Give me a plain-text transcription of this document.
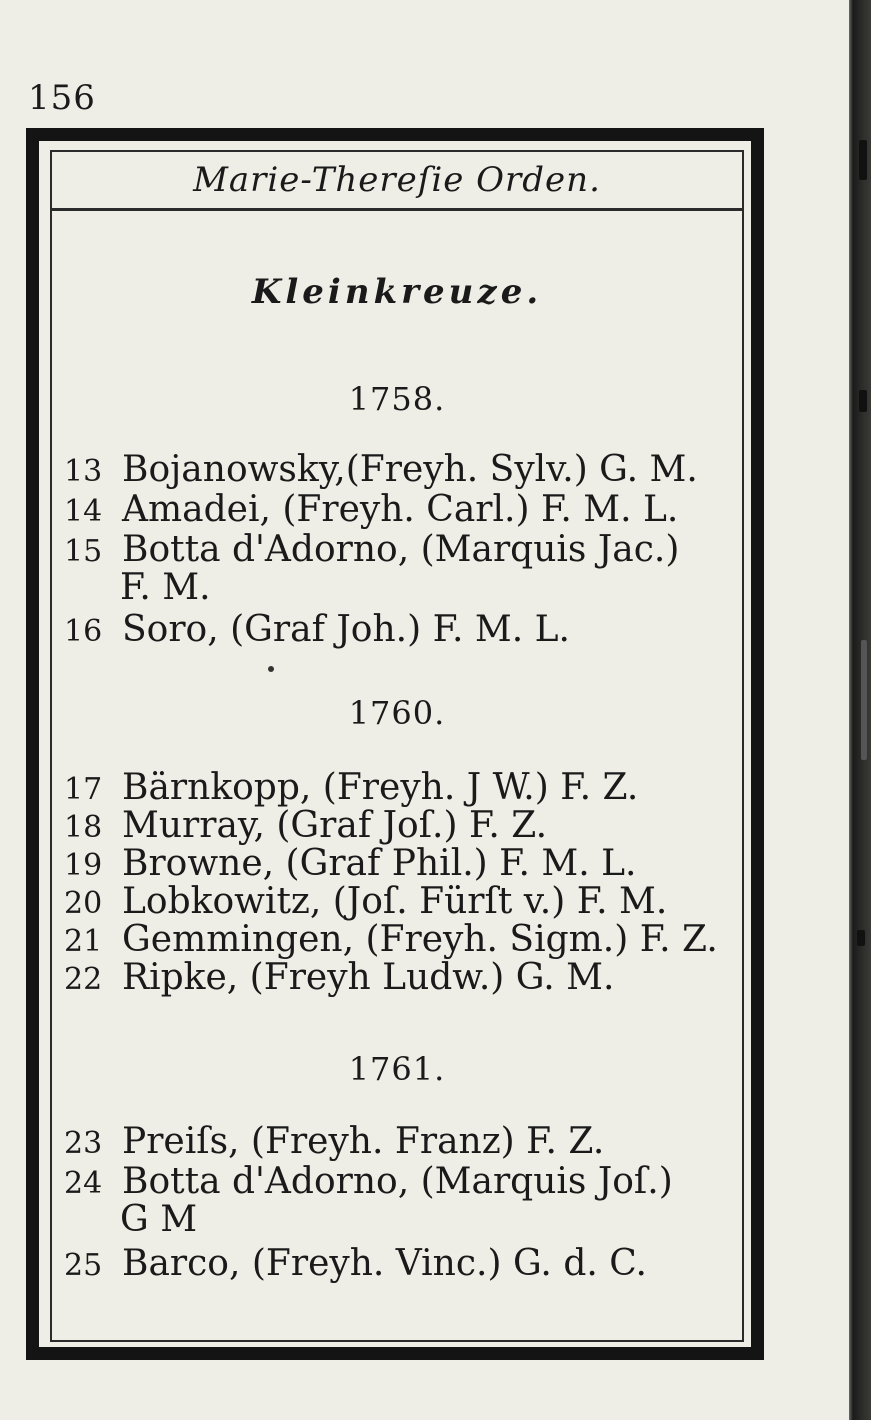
156
Marie-Thereſie Orden.
Kleinkreuze.
1758.
13 Bojanowsky,(Freyh. Sylv.) G. M.
14 Amadei, (Freyh. Carl.) F. M. L.
15 Botta d'Adorno, (Marquis Jac.)
F. M.
16 Soro, (Graf Joh.) F. M. L.
1760.
17 Bärnkopp, (Freyh. J W.) F. Z.
18 Murray, (Graf Joſ.) F. Z.
19 Browne, (Graf Phil.) F. M. L.
20 Lobkowitz, (Joſ. Fürſt v.) F. M.
21 Gemmingen, (Freyh. Sigm.) F. Z.
22 Ripke, (Freyh Ludw.) G. M.
1761.
23 Preiſs, (Freyh. Franz) F. Z.
24 Botta d'Adorno, (Marquis Joſ.)
G M
25 Barco, (Freyh. Vinc.) G. d. C.
